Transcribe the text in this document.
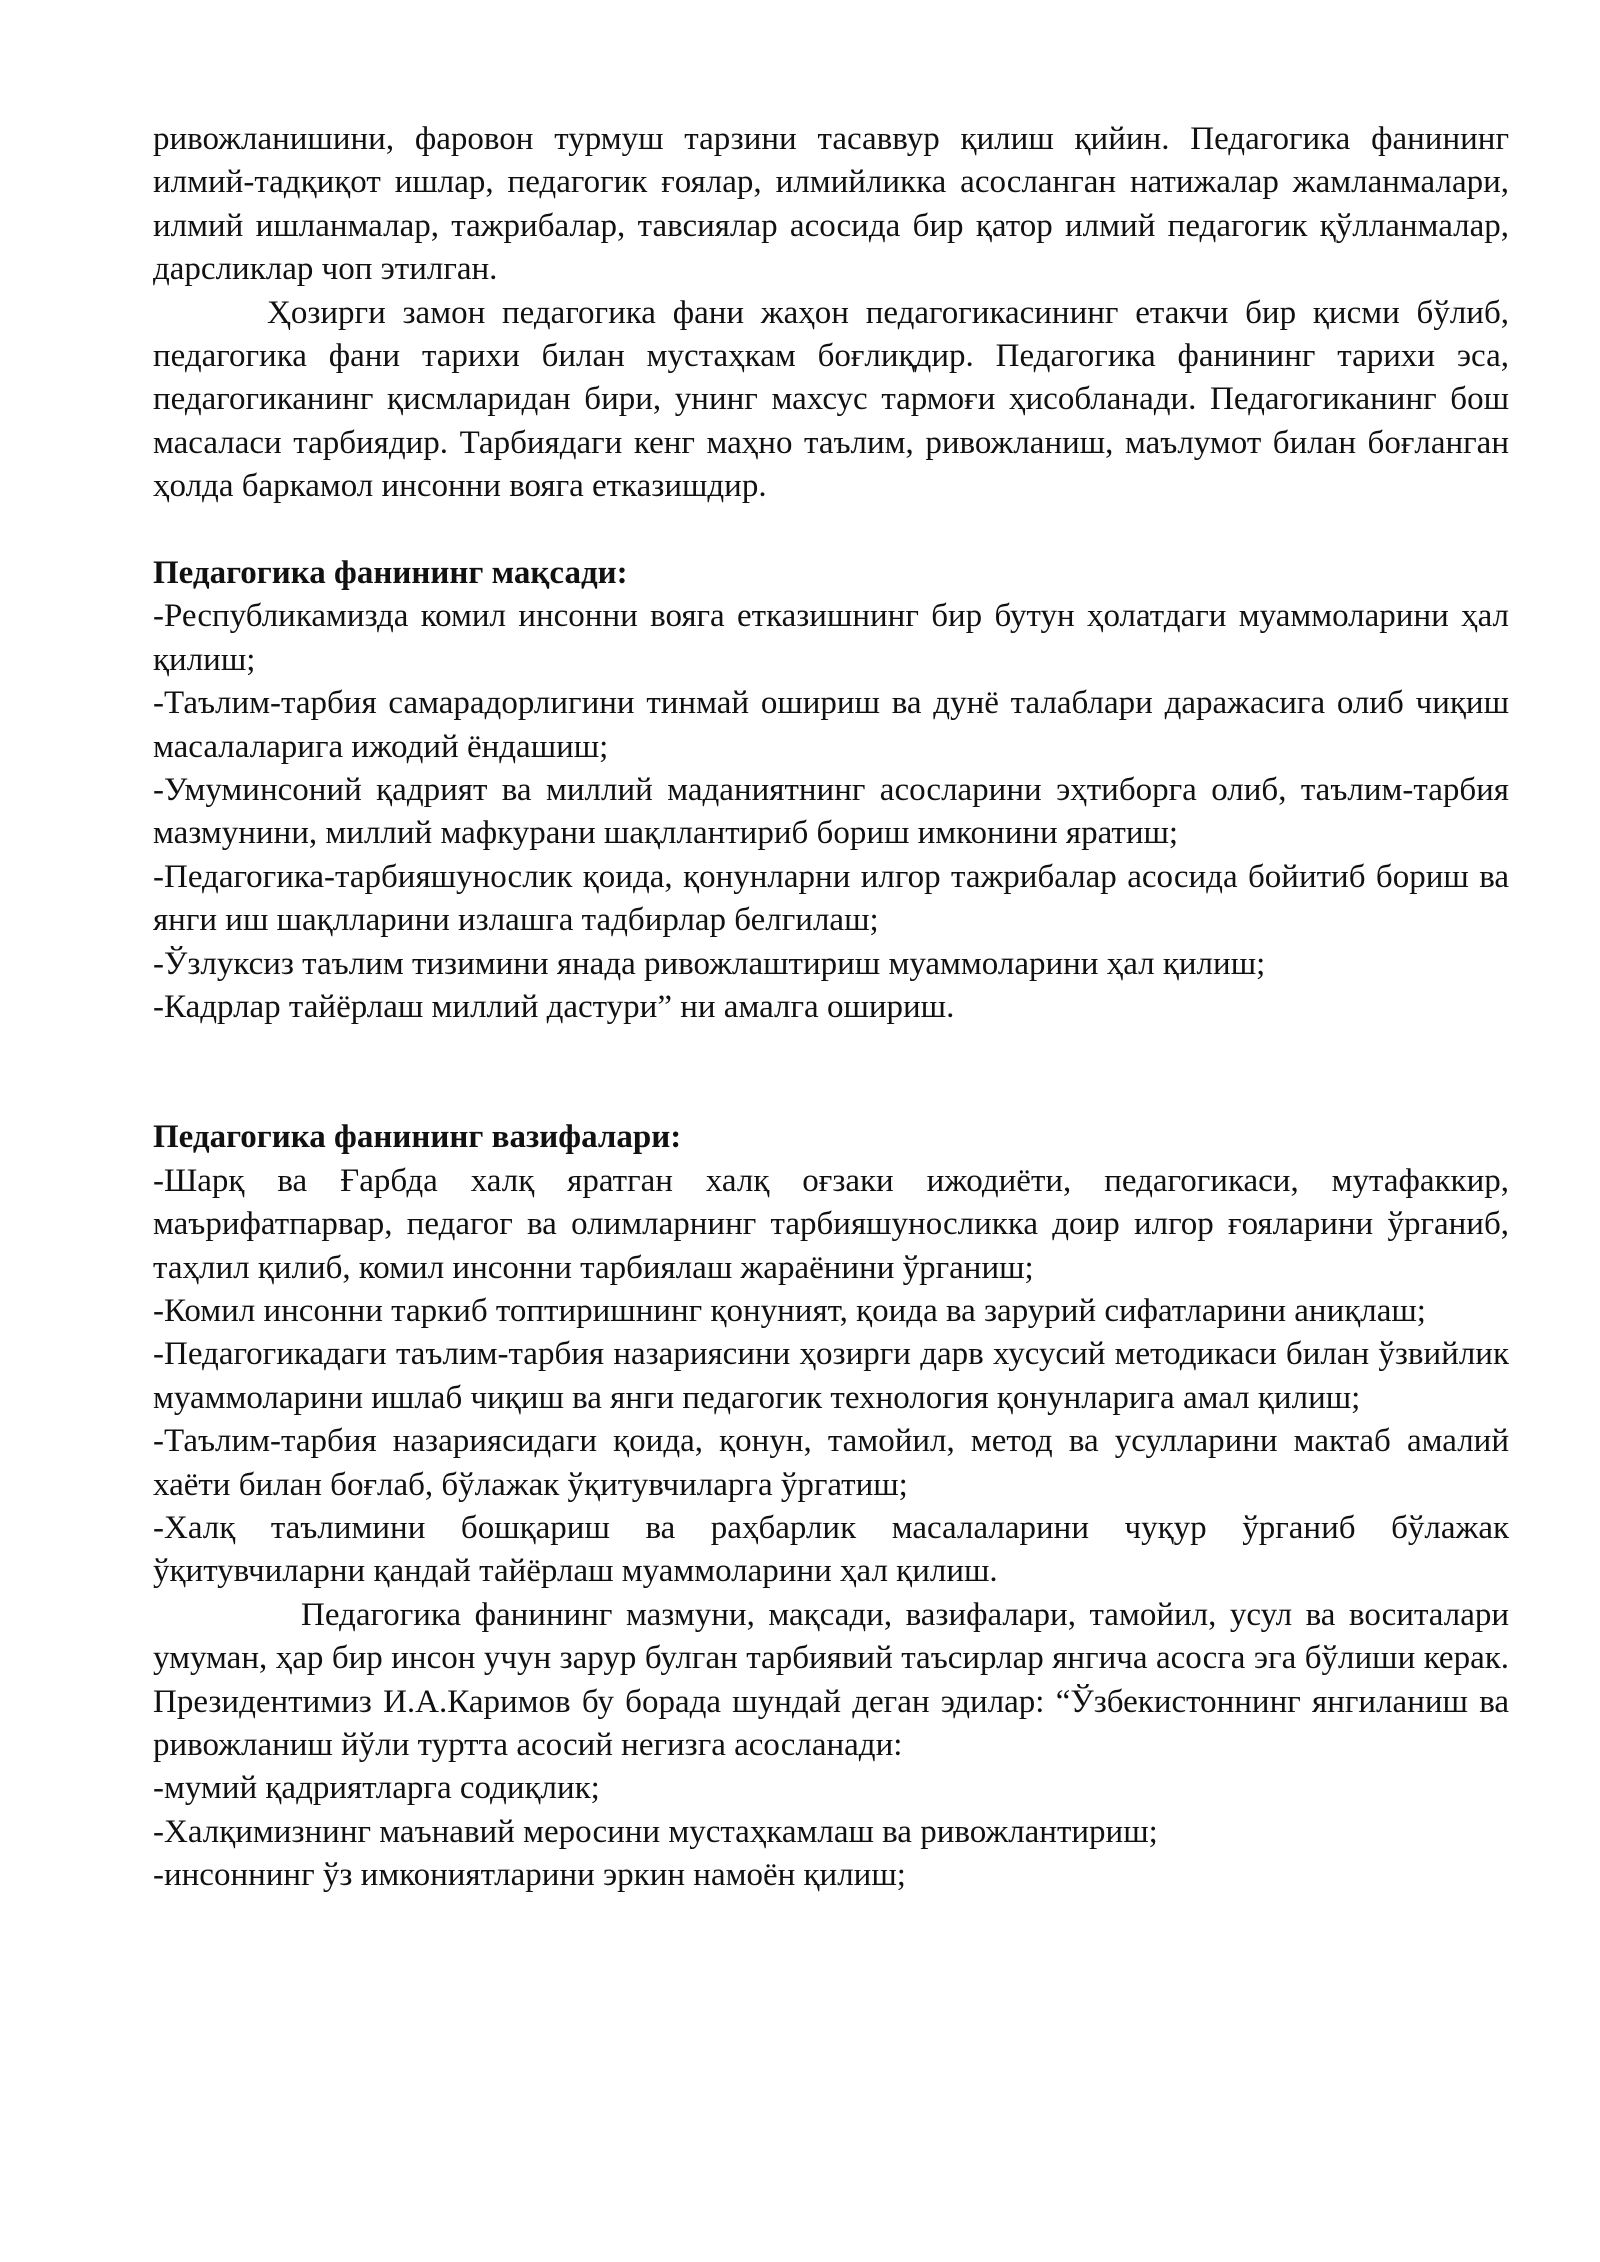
ривожланишини, фаровон турмуш тарзини тасаввур қилиш қийин. Педагогика фанининг илмий-тадқиқот ишлар, педагогик ғоялар, илмийликка асосланган натижалар жамланмалари, илмий ишланмалар, тажрибалар, тавсиялар асосида бир қатор илмий педагогик қўлланмалар, дарсликлар чоп этилган.

Ҳозирги замон педагогика фани жаҳон педагогикасининг етакчи бир қисми бўлиб, педагогика фани тарихи билан мустаҳкам боғлиқдир. Педагогика фанининг тарихи эса, педагогиканинг қисмларидан бири, унинг махсус тармоғи ҳисобланади. Педагогиканинг бош масаласи тарбиядир. Тарбиядаги кенг маҳно таълим, ривожланиш, маълумот билан боғланган ҳолда баркамол инсонни вояга етказишдир.

Педагогика фанининг мақсади:

-Республикамизда комил инсонни вояга етказишнинг бир бутун ҳолатдаги муаммоларини ҳал қилиш;

-Таълим-тарбия самарадорлигини тинмай ошириш ва дунё талаблари даражасига олиб чиқиш масалаларига ижодий ёндашиш;

-Умуминсоний қадрият ва миллий маданиятнинг асосларини эҳтиборга олиб, таълим-тарбия мазмунини, миллий мафкурани шақллантириб бориш имконини яратиш;

-Педагогика-тарбияшунослик қоида, қонунларни илгор тажрибалар асосида бойитиб бориш ва янги иш шақлларини излашга тадбирлар белгилаш;

-Ўзлуксиз таълим тизимини янада ривожлаштириш муаммоларини ҳал қилиш;

-Кадрлар тайёрлаш миллий дастури” ни амалга ошириш.

Педагогика фанининг вазифалари:

-Шарқ ва Ғарбда халқ яратган халқ оғзаки ижодиёти, педагогикаси, мутафаккир, маърифатпарвар, педагог ва олимларнинг тарбияшуносликка доир илгор ғояларини ўрганиб, таҳлил қилиб, комил инсонни тарбиялаш жараёнини ўрганиш;

-Комил инсонни таркиб топтиришнинг қонуният, қоида ва зарурий сифатларини аниқлаш;

-Педагогикадаги таълим-тарбия назариясини ҳозирги дарв хусусий методикаси билан ўзвийлик муаммоларини ишлаб чиқиш ва янги педагогик технология қонунларига амал қилиш;

-Таълим-тарбия назариясидаги қоида, қонун, тамойил, метод ва усулларини мактаб амалий хаёти билан боғлаб, бўлажак ўқитувчиларга ўргатиш;

-Халқ таълимини бошқариш ва раҳбарлик масалаларини чуқур ўрганиб бўлажак ўқитувчиларни қандай тайёрлаш муаммоларини ҳал қилиш.

Педагогика фанининг мазмуни, мақсади, вазифалари, тамойил, усул ва воситалари умуман, ҳар бир инсон учун зарур булган тарбиявий таъсирлар янгича асосга эга бўлиши керак. Президентимиз И.А.Каримов бу борада шундай деган эдилар: “Ўзбекистоннинг янгиланиш ва ривожланиш йўли туртта асосий негизга асосланади:

-мумий қадриятларга содиқлик;

-Халқимизнинг маънавий меросини мустаҳкамлаш ва ривожлантириш;

-инсоннинг ўз имкониятларини эркин намоён қилиш;
